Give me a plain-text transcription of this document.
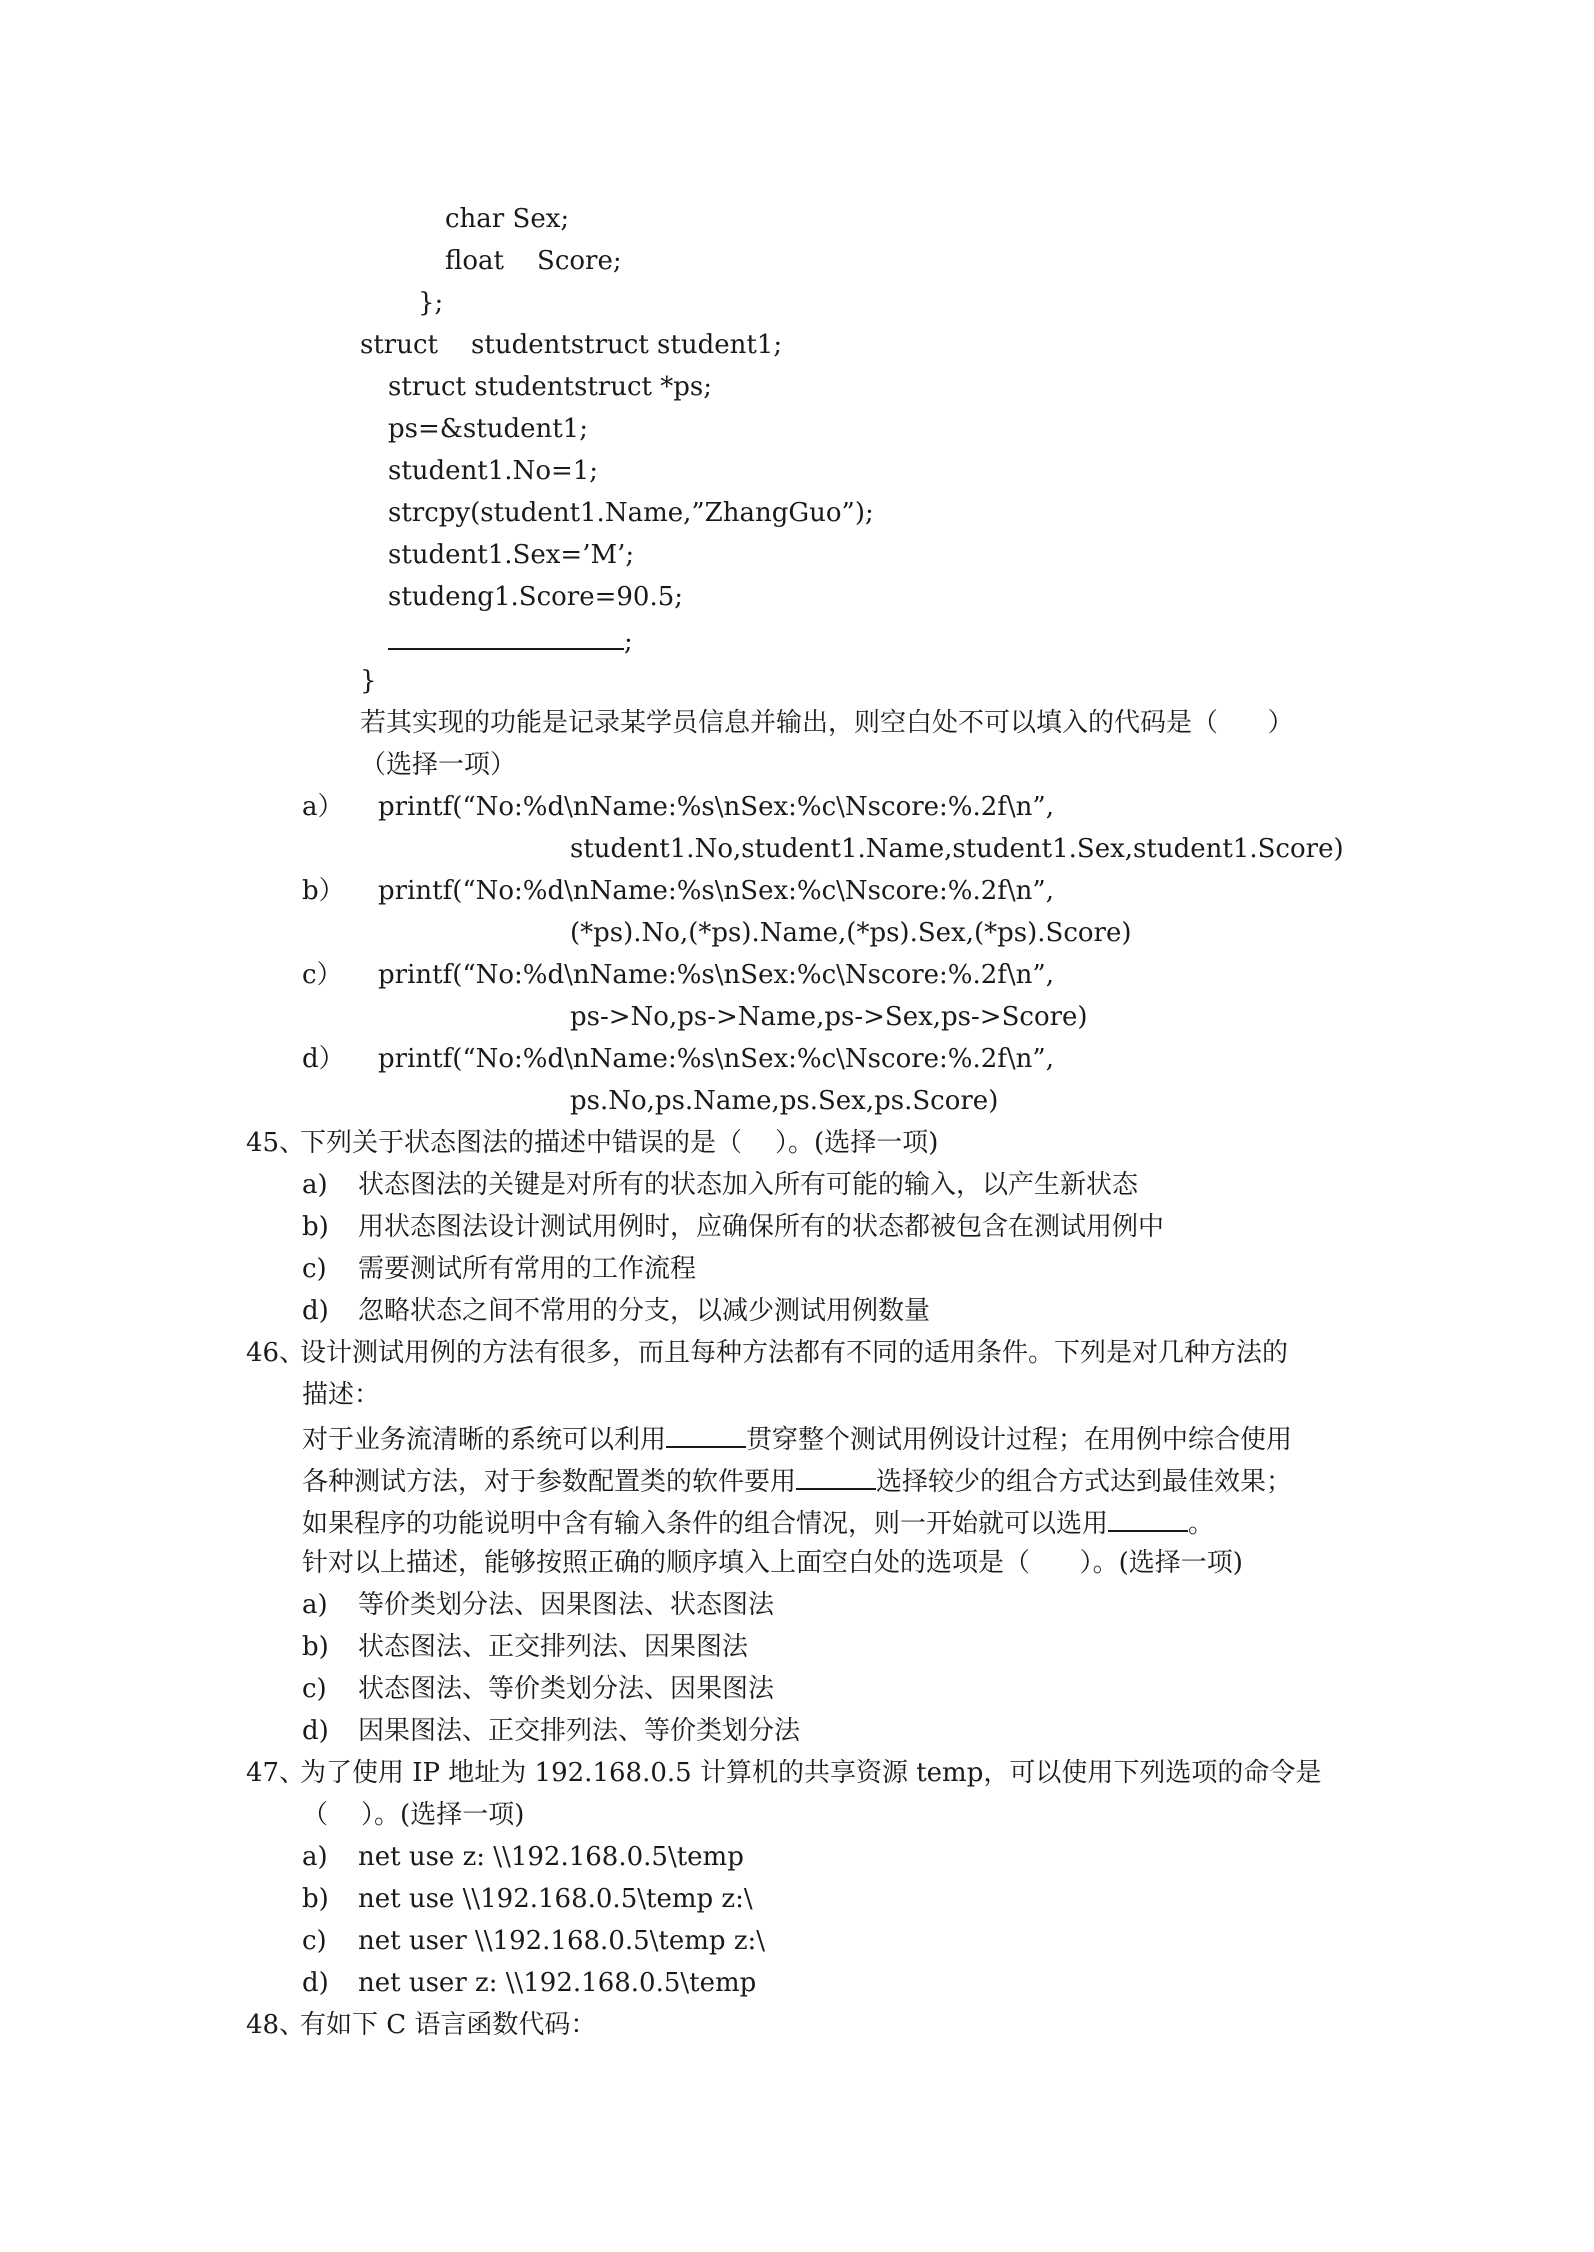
char Sex;
float    Score;
};
struct    studentstruct student1;
struct studentstruct *ps;
ps=&student1;
student1.No=1;
strcpy(student1.Name,”ZhangGuo”);
student1.Sex=’M’;
studeng1.Score=90.5;
;
}
若其实现的功能是记录某学员信息并输出，则空白处不可以填入的代码是（      ）
（选择一项）
a） printf(“No:%d\nName:%s\nSex:%c\Nscore:%.2f\n”,
student1.No,student1.Name,student1.Sex,student1.Score)
b） printf(“No:%d\nName:%s\nSex:%c\Nscore:%.2f\n”,
(*ps).No,(*ps).Name,(*ps).Sex,(*ps).Score)
c） printf(“No:%d\nName:%s\nSex:%c\Nscore:%.2f\n”,
ps->No,ps->Name,ps->Sex,ps->Score)
d） printf(“No:%d\nName:%s\nSex:%c\Nscore:%.2f\n”,
ps.No,ps.Name,ps.Sex,ps.Score)
45、
下列关于状态图法的描述中错误的是（    ）。(选择一项)
a) 状态图法的关键是对所有的状态加入所有可能的输入，以产生新状态
b) 用状态图法设计测试用例时，应确保所有的状态都被包含在测试用例中
c) 需要测试所有常用的工作流程
d) 忽略状态之间不常用的分支，以减少测试用例数量
46、
设计测试用例的方法有很多，而且每种方法都有不同的适用条件。下列是对几种方法的
描述：
对于业务流清晰的系统可以利用	贯穿整个测试用例设计过程；在用例中综合使用
各种测试方法，对于参数配置类的软件要用	选择较少的组合方式达到最佳效果；
如果程序的功能说明中含有输入条件的组合情况，则一开始就可以选用	。
针对以上描述，能够按照正确的顺序填入上面空白处的选项是（      ）。(选择一项)
a) 等价类划分法、因果图法、状态图法
b) 状态图法、正交排列法、因果图法
c) 状态图法、等价类划分法、因果图法
d) 因果图法、正交排列法、等价类划分法
47、
为了使用 IP 地址为 192.168.0.5 计算机的共享资源 temp，可以使用下列选项的命令是
（    ）。(选择一项)
a) net use z: \\192.168.0.5\temp
b) net use \\192.168.0.5\temp z:\
c) net user \\192.168.0.5\temp z:\
d) net user z: \\192.168.0.5\temp
48、
有如下 C 语言函数代码：
